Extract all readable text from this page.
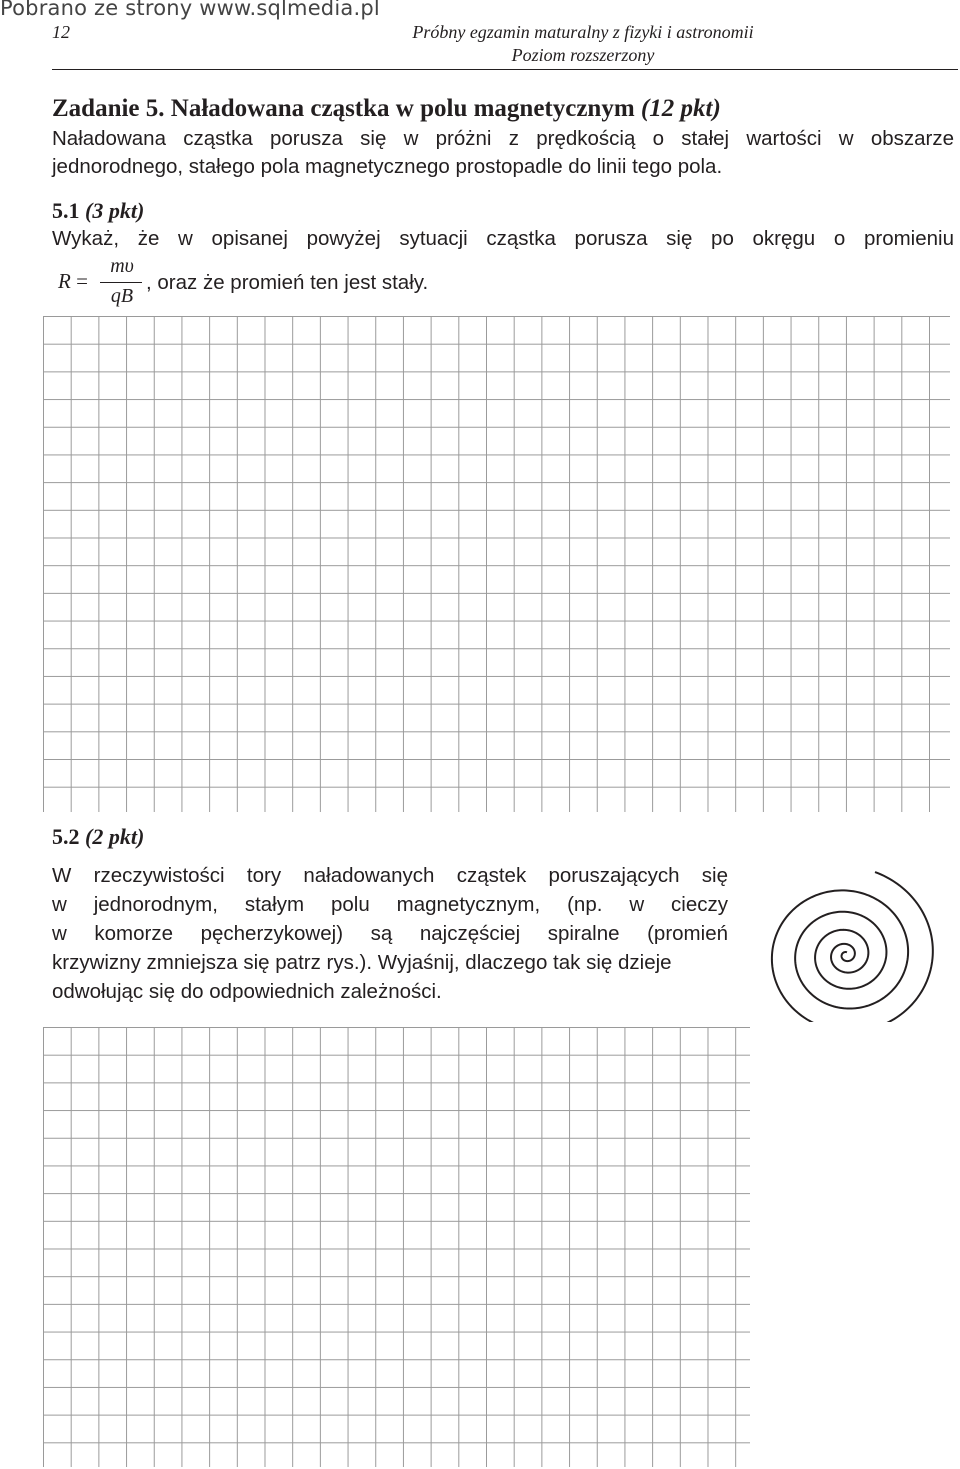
Pobrano ze strony www.sqlmedia.pl
12	Próbny egzamin maturalny z fizyki i astronomii
Poziom rozszerzony
Zadanie 5. Naładowana cząstka w polu magnetycznym (12 pkt)
Naładowana cząstka porusza się w próżni z prędkością o stałej wartości w obszarze
jednorodnego, stałego pola magnetycznego prostopadle do linii tego pola.
5.1 (3 pkt)
Wykaż, że w opisanej powyżej sytuacji cząstka porusza się po okręgu o promieniu
R =
mυ
qB
, oraz że promień ten jest stały.
5.2 (2 pkt)
W rzeczywistości tory naładowanych cząstek poruszających się
w jednorodnym, stałym polu magnetycznym, (np. w cieczy
w komorze pęcherzykowej) są najczęściej spiralne (promień
krzywizny zmniejsza się patrz rys.). Wyjaśnij, dlaczego tak się dzieje
odwołując się do odpowiednich zależności.
